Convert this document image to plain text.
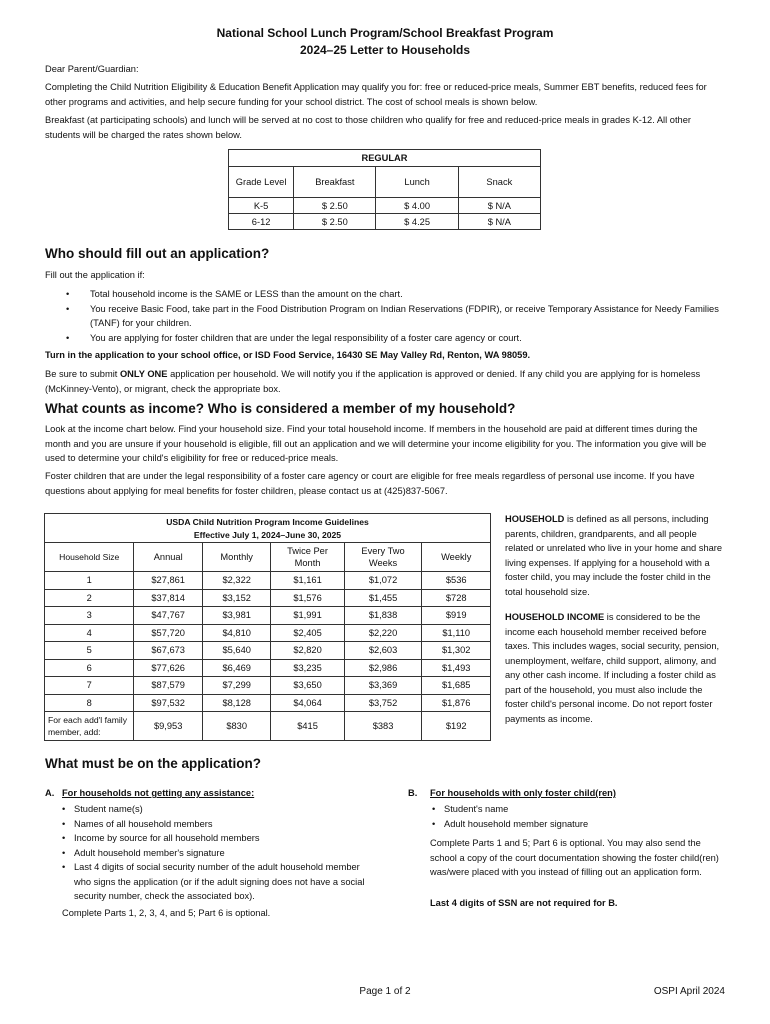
National School Lunch Program/School Breakfast Program
2024–25 Letter to Households
Dear Parent/Guardian:
Completing the Child Nutrition Eligibility & Education Benefit Application may qualify you for: free or reduced-price meals, Summer EBT benefits, reduced fees for other programs and activities, and help secure funding for your school district. The cost of school meals is shown below.
Breakfast (at participating schools) and lunch will be served at no cost to those children who qualify for free and reduced-price meals in grades K-12. All other students will be charged the rates shown below.
REGULAR			
Grade Level	Breakfast	Lunch	Snack
K-5	$ 2.50	$ 4.00	$ N/A
6-12	$ 2.50	$ 4.25	$ N/A
Who should fill out an application?
Fill out the application if:
• Total household income is the SAME or LESS than the amount on the chart.
• You receive Basic Food, take part in the Food Distribution Program on Indian Reservations (FDPIR), or receive Temporary Assistance for Needy Families (TANF) for your children.
• You are applying for foster children that are under the legal responsibility of a foster care agency or court.
Turn in the application to your school office, or ISD Food Service, 16430 SE May Valley Rd, Renton, WA 98059.
Be sure to submit ONLY ONE application per household. We will notify you if the application is approved or denied. If any child you are applying for is homeless (McKinney-Vento), or migrant, check the appropriate box.
What counts as income? Who is considered a member of my household?
Look at the income chart below. Find your household size. Find your total household income. If members in the household are paid at different times during the month and you are unsure if your household is eligible, fill out an application and we will determine your income eligibility for you. The information you give will be used to determine your child's eligibility for free or reduced-price meals.
Foster children that are under the legal responsibility of a foster care agency or court are eligible for free meals regardless of personal use income. If you have questions about applying for meal benefits for foster children, please contact us at (425)837-5067.
USDA Child Nutrition Program Income Guidelines
Effective July 1, 2024–June 30, 2025					

Household Size	Annual	Monthly	Twice Per Month	Every Two Weeks	Weekly
1	$27,861	$2,322	$1,161	$1,072	$536
2	$37,814	$3,152	$1,576	$1,455	$728
3	$47,767	$3,981	$1,991	$1,838	$919
4	$57,720	$4,810	$2,405	$2,220	$1,110
5	$67,673	$5,640	$2,820	$2,603	$1,302
6	$77,626	$6,469	$3,235	$2,986	$1,493
7	$87,579	$7,299	$3,650	$3,369	$1,685
8	$97,532	$8,128	$4,064	$3,752	$1,876
For each add'l family member, add:	$9,953	$830	$415	$383	$192
HOUSEHOLD is defined as all persons, including parents, children, grandparents, and all people related or unrelated who live in your home and share living expenses. If applying for a household with a foster child, you may include the foster child in the total household size.
HOUSEHOLD INCOME is considered to be the income each household member received before taxes. This includes wages, social security, pension, unemployment, welfare, child support, alimony, and any other cash income. If including a foster child as part of the household, you must also include the foster child's personal income. Do not report foster payments as income.
What must be on the application?
A. For households not getting any assistance:
• Student name(s)
• Names of all household members
• Income by source for all household members
• Adult household member's signature
• Last 4 digits of social security number of the adult household member who signs the application (or if the adult signing does not have a social security number, check the associated box).
Complete Parts 1, 2, 3, 4, and 5; Part 6 is optional.
B.	For households with only foster child(ren)
• Student's name
• Adult household member signature
Complete Parts 1 and 5; Part 6 is optional. You may also send the school a copy of the court documentation showing the foster child(ren) was/were placed with you instead of filling out an application form.
Last 4 digits of SSN are not required for B.
Page 1 of 2	OSPI April 2024
